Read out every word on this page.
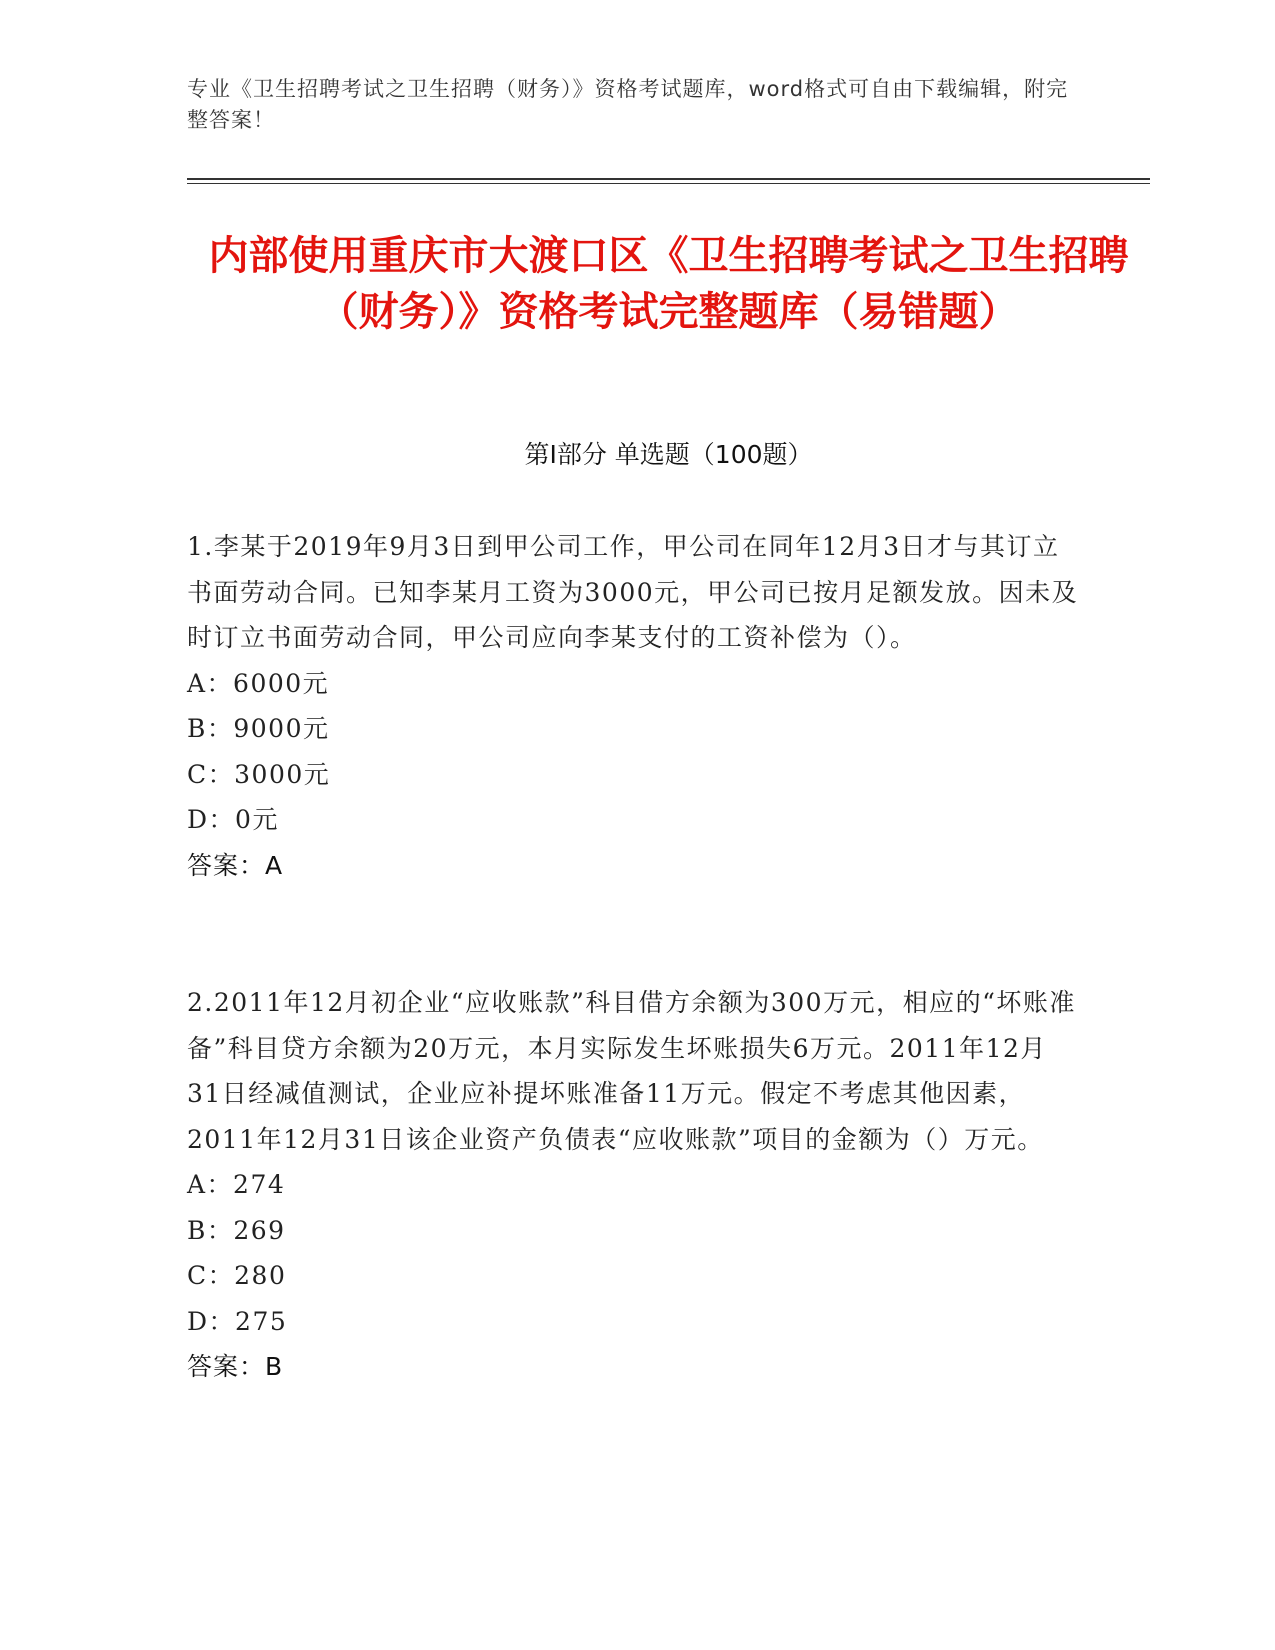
专业《卫生招聘考试之卫生招聘（财务）》资格考试题库，word格式可自由下载编辑，附完整答案！
内部使用重庆市大渡口区《卫生招聘考试之卫生招聘（财务）》资格考试完整题库（易错题）
第I部分 单选题（100题）

1.李某于2019年9月3日到甲公司工作，甲公司在同年12月3日才与其订立书面劳动合同。已知李某月工资为3000元，甲公司已按月足额发放。因未及时订立书面劳动合同，甲公司应向李某支付的工资补偿为（）。

A：6000元

B：9000元

C：3000元

D：0元

答案：A

2.2011年12月初企业“应收账款”科目借方余额为300万元，相应的“坏账准备”科目贷方余额为20万元，本月实际发生坏账损失6万元。2011年12月31日经减值测试，企业应补提坏账准备11万元。假定不考虑其他因素，2011年12月31日该企业资产负债表“应收账款”项目的金额为（）万元。

A：274

B：269

C：280

D：275

答案：B
